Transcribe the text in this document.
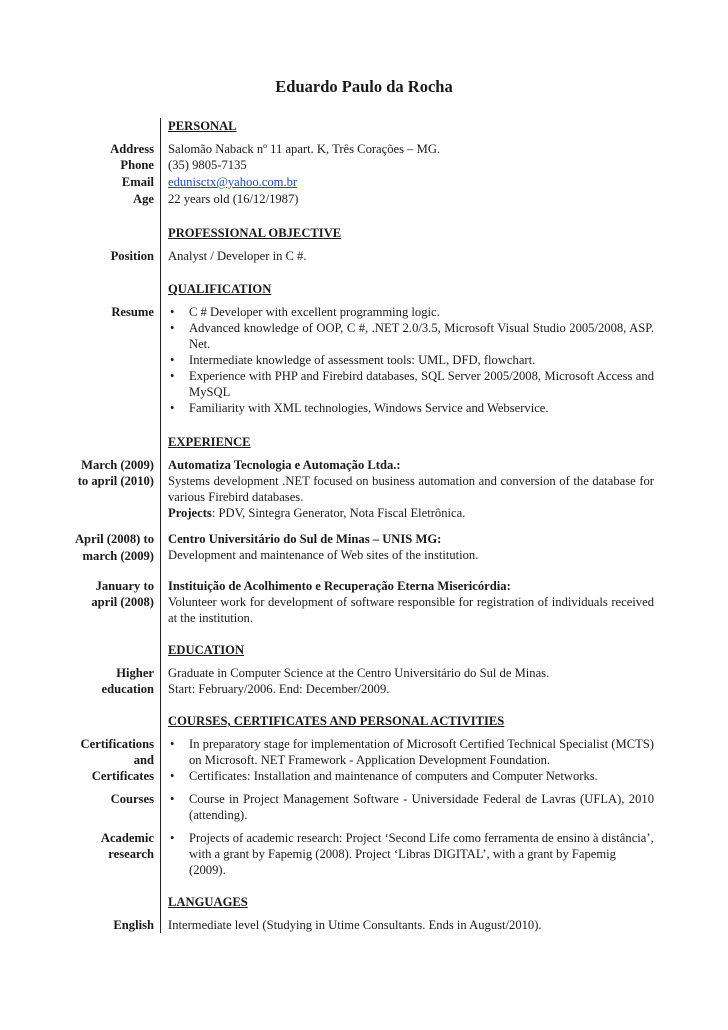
Eduardo Paulo da Rocha
PERSONAL
Address Salomão Naback nº 11 apart. K, Três Corações – MG.
Phone (35) 9805-7135
Email edunisctx@yahoo.com.br
Age 22 years old (16/12/1987)
PROFESSIONAL OBJECTIVE
Position Analyst / Developer in C #.
QUALIFICATION
Resume	• C # Developer with excellent programming logic.
• Advanced knowledge of OOP, C #, .NET 2.0/3.5, Microsoft Visual Studio 2005/2008, ASP. Net.
• Intermediate knowledge of assessment tools: UML, DFD, flowchart.
• Experience with PHP and Firebird databases, SQL Server 2005/2008, Microsoft Access and MySQL
• Familiarity with XML technologies, Windows Service and Webservice.
EXPERIENCE
March (2009)
to april (2010)
Automatiza Tecnologia e Automação Ltda.:
Systems development .NET focused on business automation and conversion of the database for various Firebird databases.
Projects: PDV, Sintegra Generator, Nota Fiscal Eletrônica.
April (2008) to
march (2009)
Centro Universitário do Sul de Minas – UNIS MG:
Development and maintenance of Web sites of the institution.
January to
april (2008)
Instituição de Acolhimento e Recuperação Eterna Misericórdia:
Volunteer work for development of software responsible for registration of individuals received at the institution.
EDUCATION
Higher
education
Graduate in Computer Science at the Centro Universitário do Sul de Minas.
Start: February/2006. End: December/2009.
COURSES, CERTIFICATES AND PERSONAL ACTIVITIES
Certifications
and
Certificates
• In preparatory stage for implementation of Microsoft Certified Technical Specialist (MCTS) on Microsoft. NET Framework - Application Development Foundation.
• Certificates: Installation and maintenance of computers and Computer Networks.
Courses	• Course in Project Management Software - Universidade Federal de Lavras (UFLA), 2010 (attending).
Academic
research
• Projects of academic research: Project ‘Second Life como ferramenta de ensino à distância’, with a grant by Fapemig (2008). Project ‘Libras DIGITAL’, with a grant by Fapemig (2009).
LANGUAGES
English Intermediate level (Studying in Utime Consultants. Ends in August/2010).
